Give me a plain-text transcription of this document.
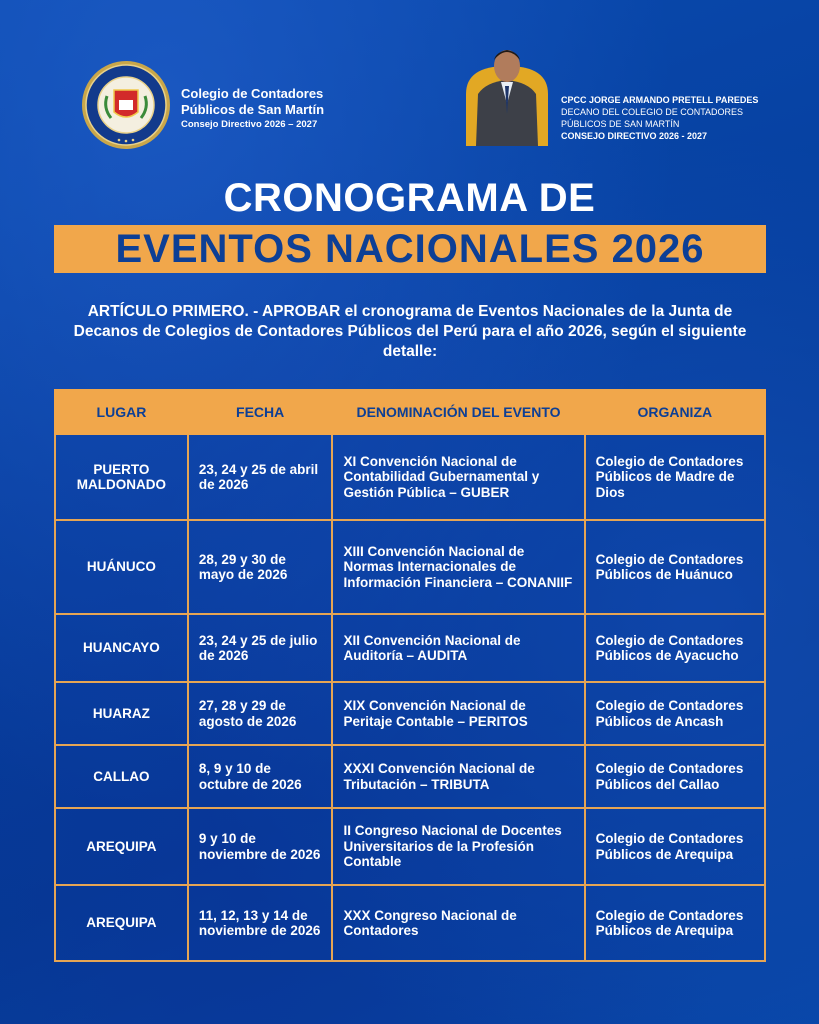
Colegio de Contadores
Públicos de San Martín
Consejo Directivo 2026 – 2027
CPCC JORGE ARMANDO PRETELL PAREDES
DECANO DEL COLEGIO DE CONTADORES
PÚBLICOS DE SAN MARTÍN
CONSEJO DIRECTIVO 2026 - 2027
CRONOGRAMA DE
EVENTOS NACIONALES 2026

ARTÍCULO PRIMERO. - APROBAR el cronograma de Eventos Nacionales de la Junta de Decanos de Colegios de Contadores Públicos del Perú para el año 2026, según el siguiente detalle:

LUGAR	FECHA	DENOMINACIÓN DEL EVENTO	ORGANIZA
PUERTO MALDONADO	23, 24 y 25 de abril de 2026	XI Convención Nacional de Contabilidad Gubernamental y Gestión Pública – GUBER	Colegio de Contadores Públicos de Madre de Dios
HUÁNUCO	28, 29 y 30 de mayo de 2026	XIII Convención Nacional de Normas Internacionales de Información Financiera – CONANIIF	Colegio de Contadores Públicos de Huánuco
HUANCAYO	23, 24 y 25 de julio de 2026	XII Convención Nacional de Auditoría – AUDITA	Colegio de Contadores Públicos de Ayacucho
HUARAZ	27, 28 y 29 de agosto de 2026	XIX Convención Nacional de Peritaje Contable – PERITOS	Colegio de Contadores Públicos de Ancash
CALLAO	8, 9 y 10 de octubre de 2026	XXXI Convención Nacional de Tributación – TRIBUTA	Colegio de Contadores Públicos del Callao
AREQUIPA	9 y 10 de noviembre de 2026	II Congreso Nacional de Docentes Universitarios de la Profesión Contable	Colegio de Contadores Públicos de Arequipa
AREQUIPA	11, 12, 13 y 14 de noviembre de 2026	XXX Congreso Nacional de Contadores	Colegio de Contadores Públicos de Arequipa
